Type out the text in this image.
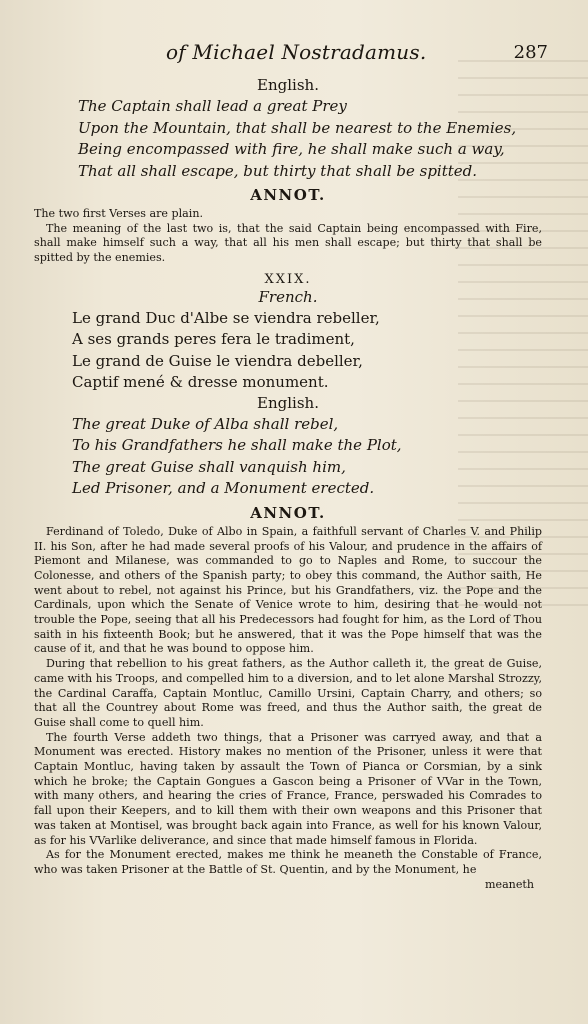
of Michael Nostradamus.	287
English.
The Captain shall lead a great Prey
Upon the Mountain, that shall be nearest to the Enemies,
Being encompassed with fire, he shall make such a way,
That all shall escape, but thirty that shall be spitted.
ANNOT.

The two first Verses are plain.

The meaning of the last two is, that the said Captain being encompassed with Fire, shall make himself such a way, that all his men shall escape; but thirty that shall be spitted by the enemies.

XXIX.
French.
Le grand Duc d'Albe se viendra rebeller,
A ses grands peres fera le tradiment,
Le grand de Guise le viendra debeller,
Captif mené & dresse monument.
English.
The great Duke of Alba shall rebel,
To his Grandfathers he shall make the Plot,
The great Guise shall vanquish him,
Led Prisoner, and a Monument erected.
ANNOT.

Ferdinand of Toledo, Duke of Albo in Spain, a faithfull servant of Charles V. and Philip II. his Son, after he had made several proofs of his Valour, and prudence in the affairs of Piemont and Milanese, was commanded to go to Naples and Rome, to succour the Colonesse, and others of the Spanish party; to obey this command, the Author saith, He went about to rebel, not against his Prince, but his Grandfathers, viz. the Pope and the Cardinals, upon which the Senate of Venice wrote to him, desiring that he would not trouble the Pope, seeing that all his Predecessors had fought for him, as the Lord of Thou saith in his fixteenth Book; but he answered, that it was the Pope himself that was the cause of it, and that he was bound to oppose him.

During that rebellion to his great fathers, as the Author calleth it, the great de Guise, came with his Troops, and compelled him to a diversion, and to let alone Marshal Strozzy, the Cardinal Caraffa, Captain Montluc, Camillo Ursini, Captain Charry, and others; so that all the Countrey about Rome was freed, and thus the Author saith, the great de Guise shall come to quell him.

The fourth Verse addeth two things, that a Prisoner was carryed away, and that a Monument was erected. History makes no mention of the Prisoner, unless it were that Captain Montluc, having taken by assault the Town of Pianca or Corsmian, by a sink which he broke; the Captain Gongues a Gascon being a Prisoner of VVar in the Town, with many others, and hearing the cries of France, France, perswaded his Comrades to fall upon their Keepers, and to kill them with their own weapons and this Prisoner that was taken at Montisel, was brought back again into France, as well for his known Valour, as for his VVarlike deliverance, and since that made himself famous in Florida.

As for the Monument erected, makes me think he meaneth the Constable of France, who was taken Prisoner at the Battle of St. Quentin, and by the Monument, he

meaneth
